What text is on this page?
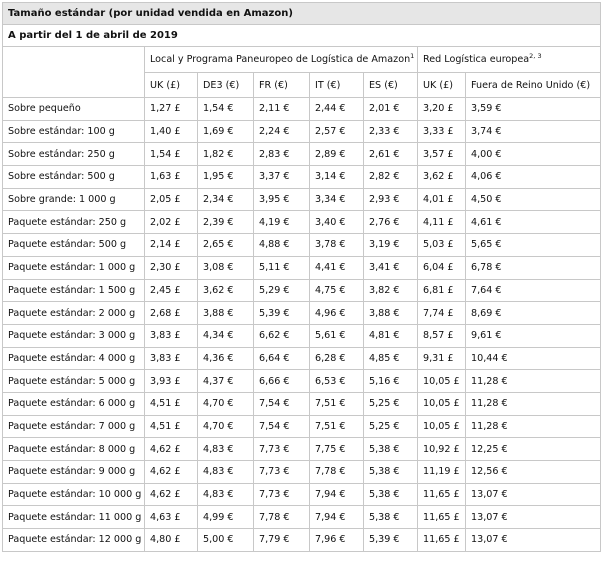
Tamaño estándar (por unidad vendida en Amazon)							
A partir del 1 de abril de 2019							
	Local y Programa Paneuropeo de Logística de Amazon$^1$					Red Logística europea$^{2, 3}$
	UK (£)	DE3 (€)	FR (€)	IT (€)	ES (€)	UK (£)	Fuera de Reino Unido (€)
Sobre pequeño	1,27 £	1,54 €	2,11 €	2,44 €	2,01 €	3,20 £	3,59 €
Sobre estándar: 100 g	1,40 £	1,69 €	2,24 €	2,57 €	2,33 €	3,33 £	3,74 €
Sobre estándar: 250 g	1,54 £	1,82 €	2,83 €	2,89 €	2,61 €	3,57 £	4,00 €
Sobre estándar: 500 g	1,63 £	1,95 €	3,37 €	3,14 €	2,82 €	3,62 £	4,06 €
Sobre grande: 1 000 g	2,05 £	2,34 €	3,95 €	3,34 €	2,93 €	4,01 £	4,50 €
Paquete estándar: 250 g	2,02 £	2,39 €	4,19 €	3,40 €	2,76 €	4,11 £	4,61 €
Paquete estándar: 500 g	2,14 £	2,65 €	4,88 €	3,78 €	3,19 €	5,03 £	5,65 €
Paquete estándar: 1 000 g	2,30 £	3,08 €	5,11 €	4,41 €	3,41 €	6,04 £	6,78 €
Paquete estándar: 1 500 g	2,45 £	3,62 €	5,29 €	4,75 €	3,82 €	6,81 £	7,64 €
Paquete estándar: 2 000 g	2,68 £	3,88 €	5,39 €	4,96 €	3,88 €	7,74 £	8,69 €
Paquete estándar: 3 000 g	3,83 £	4,34 €	6,62 €	5,61 €	4,81 €	8,57 £	9,61 €
Paquete estándar: 4 000 g	3,83 £	4,36 €	6,64 €	6,28 €	4,85 €	9,31 £	10,44 €
Paquete estándar: 5 000 g	3,93 £	4,37 €	6,66 €	6,53 €	5,16 €	10,05 £	11,28 €
Paquete estándar: 6 000 g	4,51 £	4,70 €	7,54 €	7,51 €	5,25 €	10,05 £	11,28 €
Paquete estándar: 7 000 g	4,51 £	4,70 €	7,54 €	7,51 €	5,25 €	10,05 £	11,28 €
Paquete estándar: 8 000 g	4,62 £	4,83 €	7,73 €	7,75 €	5,38 €	10,92 £	12,25 €
Paquete estándar: 9 000 g	4,62 £	4,83 €	7,73 €	7,78 €	5,38 €	11,19 £	12,56 €
Paquete estándar: 10 000 g	4,62 £	4,83 €	7,73 €	7,94 €	5,38 €	11,65 £	13,07 €
Paquete estándar: 11 000 g	4,63 £	4,99 €	7,78 €	7,94 €	5,38 €	11,65 £	13,07 €
Paquete estándar: 12 000 g	4,80 £	5,00 €	7,79 €	7,96 €	5,39 €	11,65 £	13,07 €
